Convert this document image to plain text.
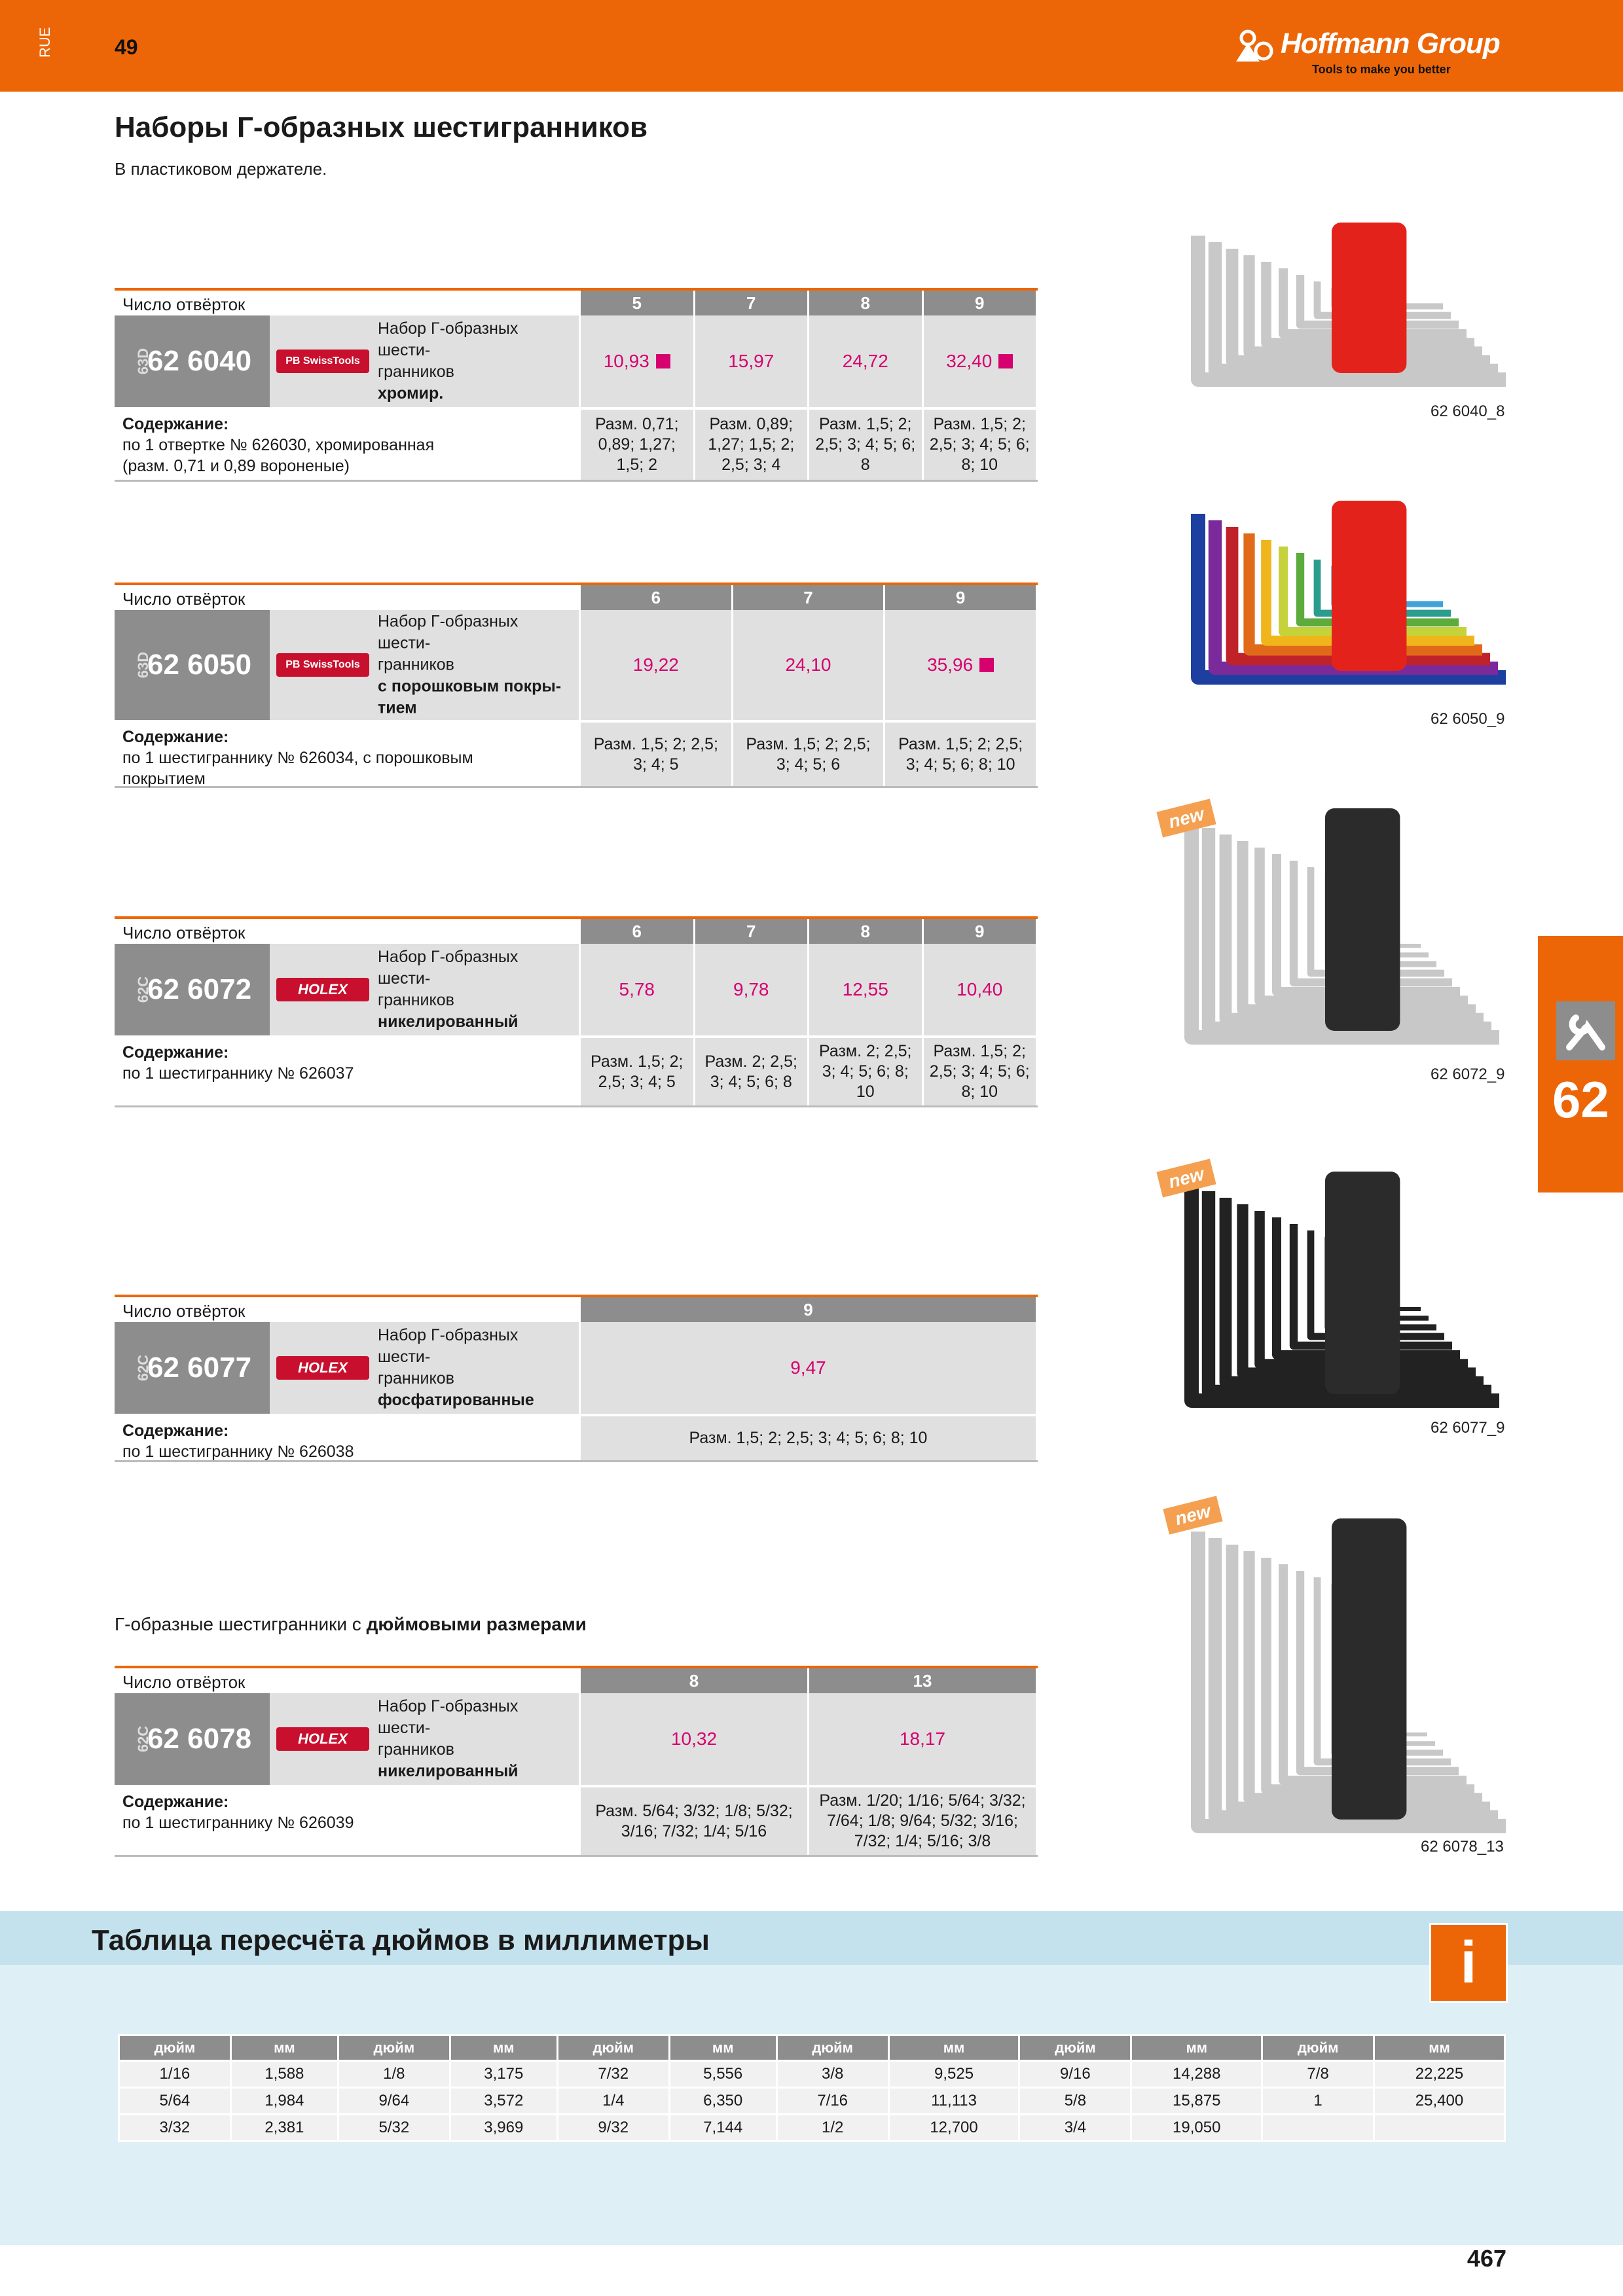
RUE	49	Hoffmann Group
Tools to make you better
Наборы Г-образных шестигранников
В пластиковом держателе.
Число отвёрток	5	7	8	9
63D
62 6040	PB SwissTools
Набор Г-образных шести-
гранников
хромир.
10,93	15,97	24,72	32,40
Содержание:
по 1 отвертке № 626030, хромированная (разм. 0,71 и 0,89 вороненые)
Разм. 0,71; 0,89; 1,27; 1,5; 2
Разм. 0,89; 1,27; 1,5; 2; 2,5; 3; 4
Разм. 1,5; 2; 2,5; 3; 4; 5; 6; 8
Разм. 1,5; 2; 2,5; 3; 4; 5; 6; 8; 10
Число отвёрток	6	7	9
63D
62 6050	PB SwissTools
Набор Г-образных шести-
гранников
с порошковым покры-тием
19,22	24,10	35,96
Содержание:
по 1 шестиграннику № 626034, с порошковым покрытием
Разм. 1,5; 2; 2,5; 3; 4; 5
Разм. 1,5; 2; 2,5; 3; 4; 5; 6
Разм. 1,5; 2; 2,5; 3; 4; 5; 6; 8; 10
Число отвёрток	6	7	8	9
62C
62 6072	HOLEX
Набор Г-образных шести-
гранников
никелированный
5,78	9,78	12,55	10,40
Содержание:
по 1 шестиграннику № 626037
Разм. 1,5; 2; 2,5; 3; 4; 5
Разм. 2; 2,5; 3; 4; 5; 6; 8
Разм. 2; 2,5; 3; 4; 5; 6; 8; 10
Разм. 1,5; 2; 2,5; 3; 4; 5; 6; 8; 10
Число отвёрток	9
62C
62 6077	HOLEX
Набор Г-образных шести-
гранников
фосфатированные
9,47
Содержание:
по 1 шестиграннику № 626038
Разм. 1,5; 2; 2,5; 3; 4; 5; 6; 8; 10
Число отвёрток	8	13
62C
62 6078	HOLEX
Набор Г-образных шести-
гранников
никелированный
10,32	18,17
Содержание:
по 1 шестиграннику № 626039
Разм. 5/64; 3/32; 1/8; 5/32; 3/16; 7/32; 1/4; 5/16
Разм. 1/20; 1/16; 5/64; 3/32; 7/64; 1/8; 9/64; 5/32; 3/16; 7/32; 1/4; 5/16; 3/8
Г-образные шестигранники с дюймовыми размерами
62 6040_8
62 6050_9
62 6072_9
new
62 6077_9
new
62 6078_13
new
62
Таблица пересчёта дюймов в миллиметры	i
дюйм	мм	дюйм	мм	дюйм	мм	дюйм	мм	дюйм	мм	дюйм	мм
1/16	1,588	1/8	3,175	7/32	5,556	3/8	9,525	9/16	14,288	7/8	22,225
5/64	1,984	9/64	3,572	1/4	6,350	7/16	11,113	5/8	15,875	1	25,400
3/32	2,381	5/32	3,969	9/32	7,144	1/2	12,700	3/4	19,050		
467
